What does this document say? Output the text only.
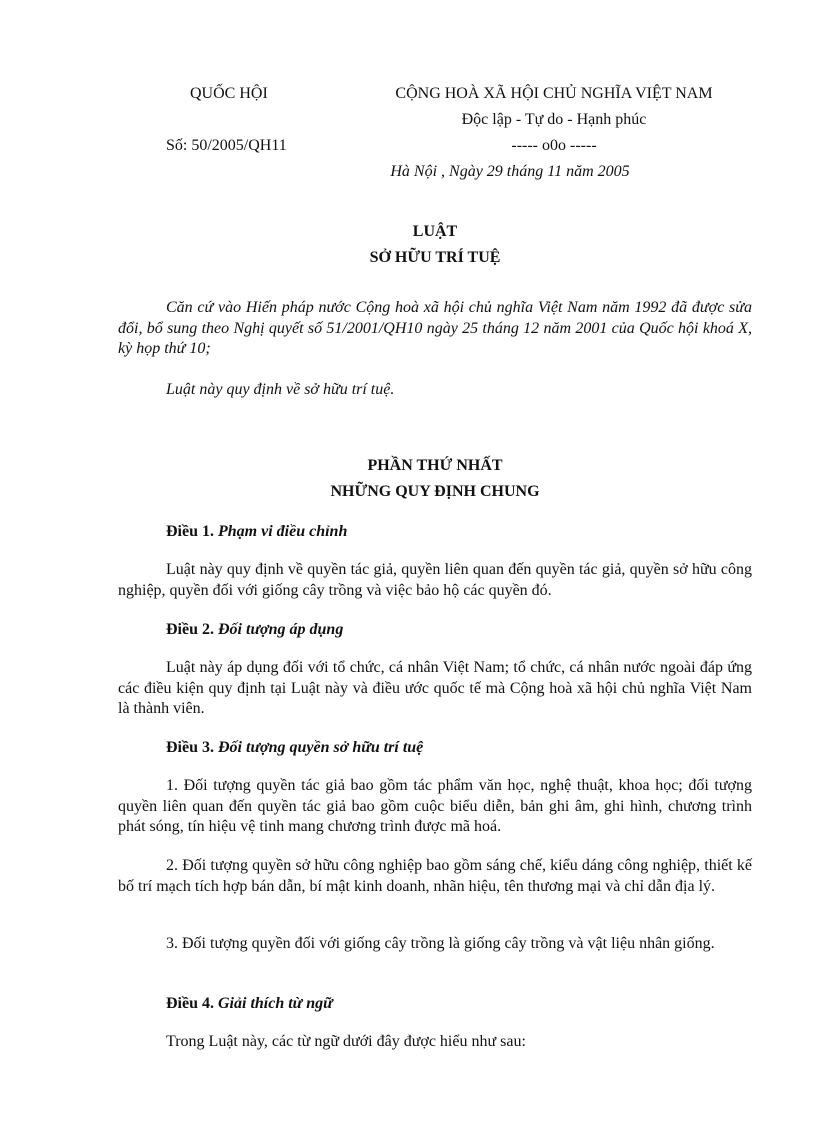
QUỐC HỘI
Số: 50/2005/QH11
CỘNG HOÀ XÃ HỘI CHỦ NGHĨA VIỆT NAM
Độc lập - Tự do - Hạnh phúc
----- o0o -----
Hà Nội , Ngày 29 tháng 11 năm 2005
LUẬT
SỞ HỮU TRÍ TUỆ
Căn cứ vào Hiến pháp nước Cộng hoà xã hội chủ nghĩa Việt Nam năm 1992 đã được sửa đổi, bổ sung theo Nghị quyết số 51/2001/QH10 ngày 25 tháng 12 năm 2001 của Quốc hội khoá X, kỳ họp thứ 10;
Luật này quy định về sở hữu trí tuệ.
PHẦN THỨ NHẤT
NHỮNG QUY ĐỊNH CHUNG
Điều 1. Phạm vi điều chỉnh
Luật này quy định về quyền tác giả, quyền liên quan đến quyền tác giả, quyền sở hữu công nghiệp, quyền đối với giống cây trồng và việc bảo hộ các quyền đó.
Điều 2. Đối tượng áp dụng
Luật này áp dụng đối với tổ chức, cá nhân Việt Nam; tổ chức, cá nhân nước ngoài đáp ứng các điều kiện quy định tại Luật này và điều ước quốc tế mà Cộng hoà xã hội chủ nghĩa Việt Nam là thành viên.
Điều 3. Đối tượng quyền sở hữu trí tuệ
1. Đối tượng quyền tác giả bao gồm tác phẩm văn học, nghệ thuật, khoa học; đối tượng quyền liên quan đến quyền tác giả bao gồm cuộc biểu diễn, bản ghi âm, ghi hình, chương trình phát sóng, tín hiệu vệ tinh mang chương trình được mã hoá.
2. Đối tượng quyền sở hữu công nghiệp bao gồm sáng chế, kiểu dáng công nghiệp, thiết kế bố trí mạch tích hợp bán dẫn, bí mật kinh doanh, nhãn hiệu, tên thương mại và chỉ dẫn địa lý.
3. Đối tượng quyền đối với giống cây trồng là giống cây trồng và vật liệu nhân giống.
Điều 4. Giải thích từ ngữ
Trong Luật này, các từ ngữ dưới đây được hiểu như sau:
